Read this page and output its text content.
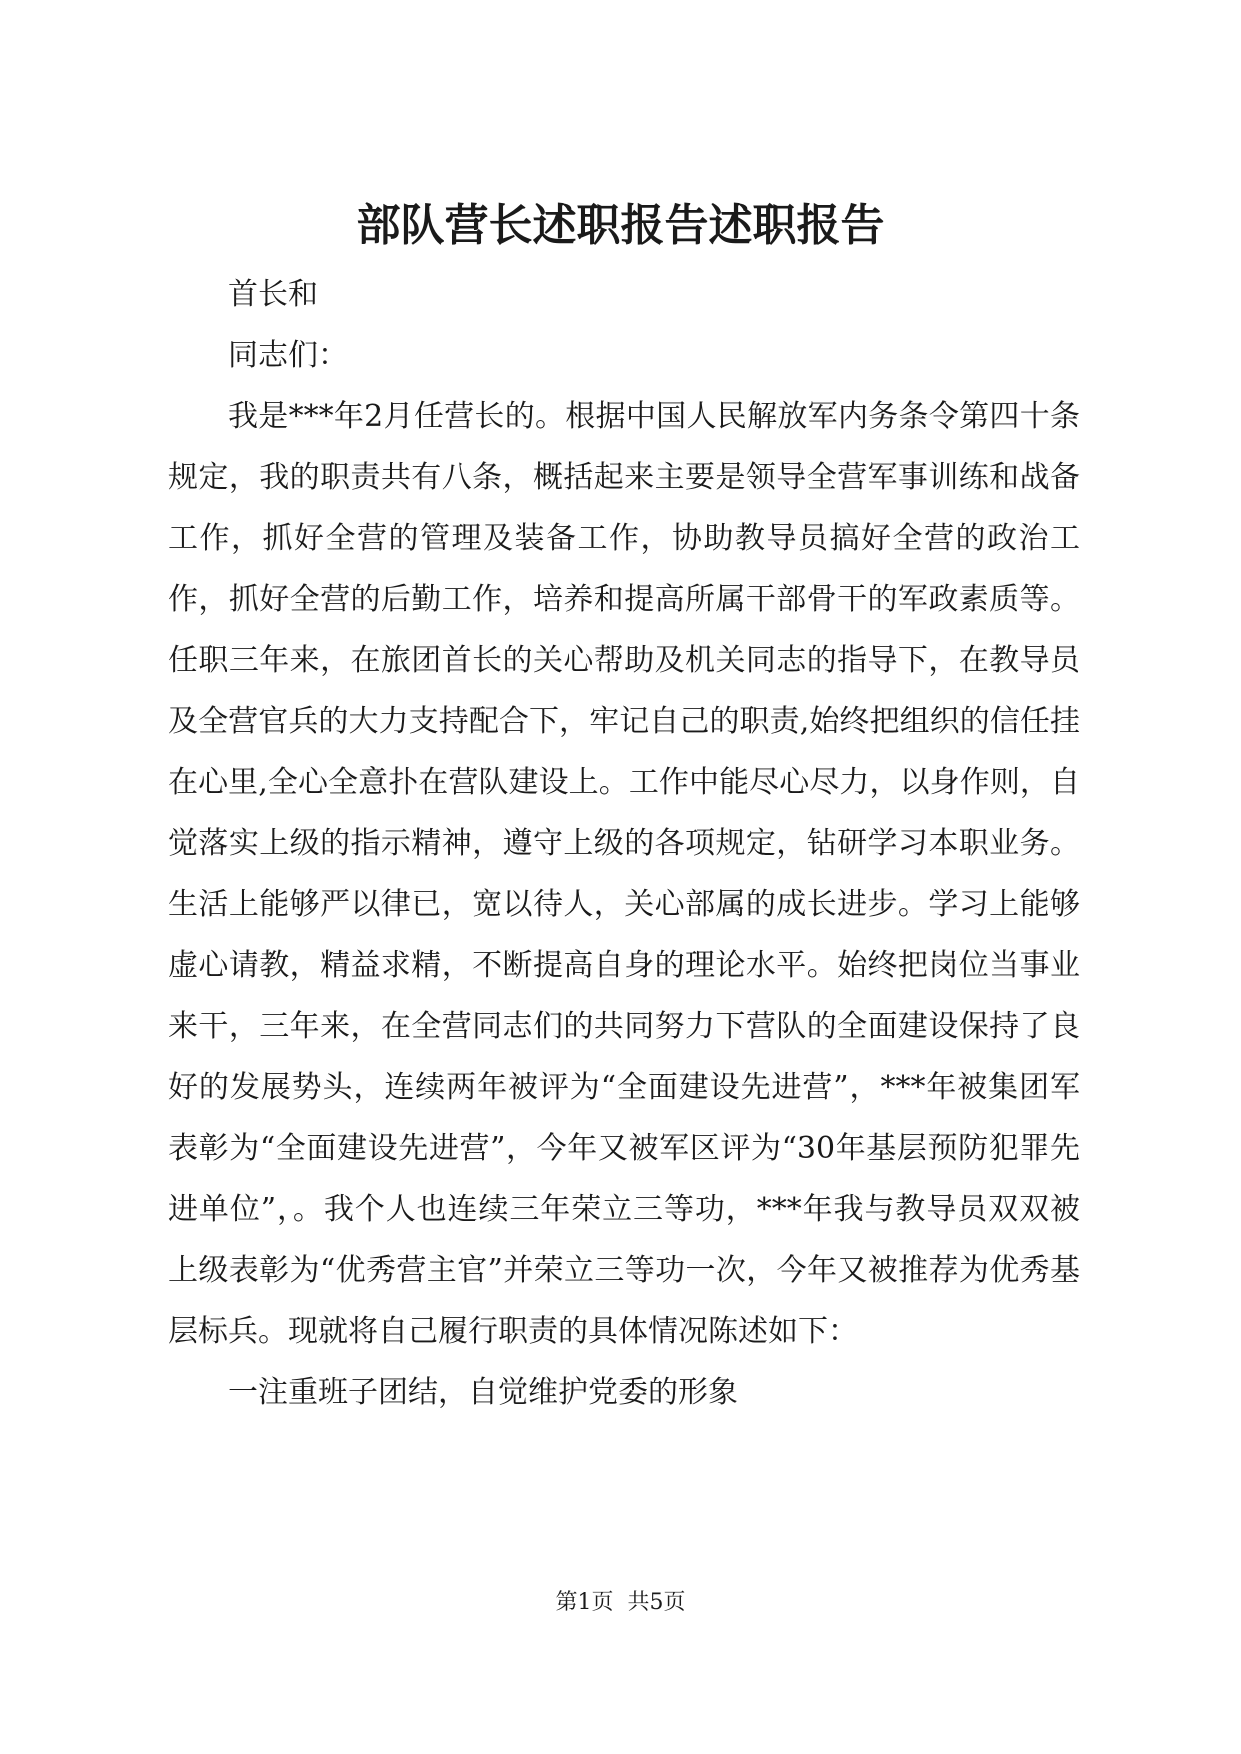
部队营长述职报告述职报告

首长和

同志们：

我是***年2月任营长的。根据中国人民解放军内务条令第四十条规定，我的职责共有八条，概括起来主要是领导全营军事训练和战备工作，抓好全营的管理及装备工作，协助教导员搞好全营的政治工作，抓好全营的后勤工作，培养和提高所属干部骨干的军政素质等。任职三年来，在旅团首长的关心帮助及机关同志的指导下，在教导员及全营官兵的大力支持配合下，牢记自己的职责,始终把组织的信任挂在心里,全心全意扑在营队建设上。工作中能尽心尽力，以身作则，自觉落实上级的指示精神，遵守上级的各项规定，钻研学习本职业务。生活上能够严以律已，宽以待人，关心部属的成长进步。学习上能够虚心请教，精益求精，不断提高自身的理论水平。始终把岗位当事业来干，三年来，在全营同志们的共同努力下营队的全面建设保持了良好的发展势头，连续两年被评为“全面建设先进营”，***年被集团军表彰为“全面建设先进营”，今年又被军区评为“30年基层预防犯罪先进单位”，。我个人也连续三年荣立三等功，***年我与教导员双双被上级表彰为“优秀营主官”并荣立三等功一次，今年又被推荐为优秀基层标兵。现就将自己履行职责的具体情况陈述如下：

一注重班子团结，自觉维护党委的形象

第1页  共5页
